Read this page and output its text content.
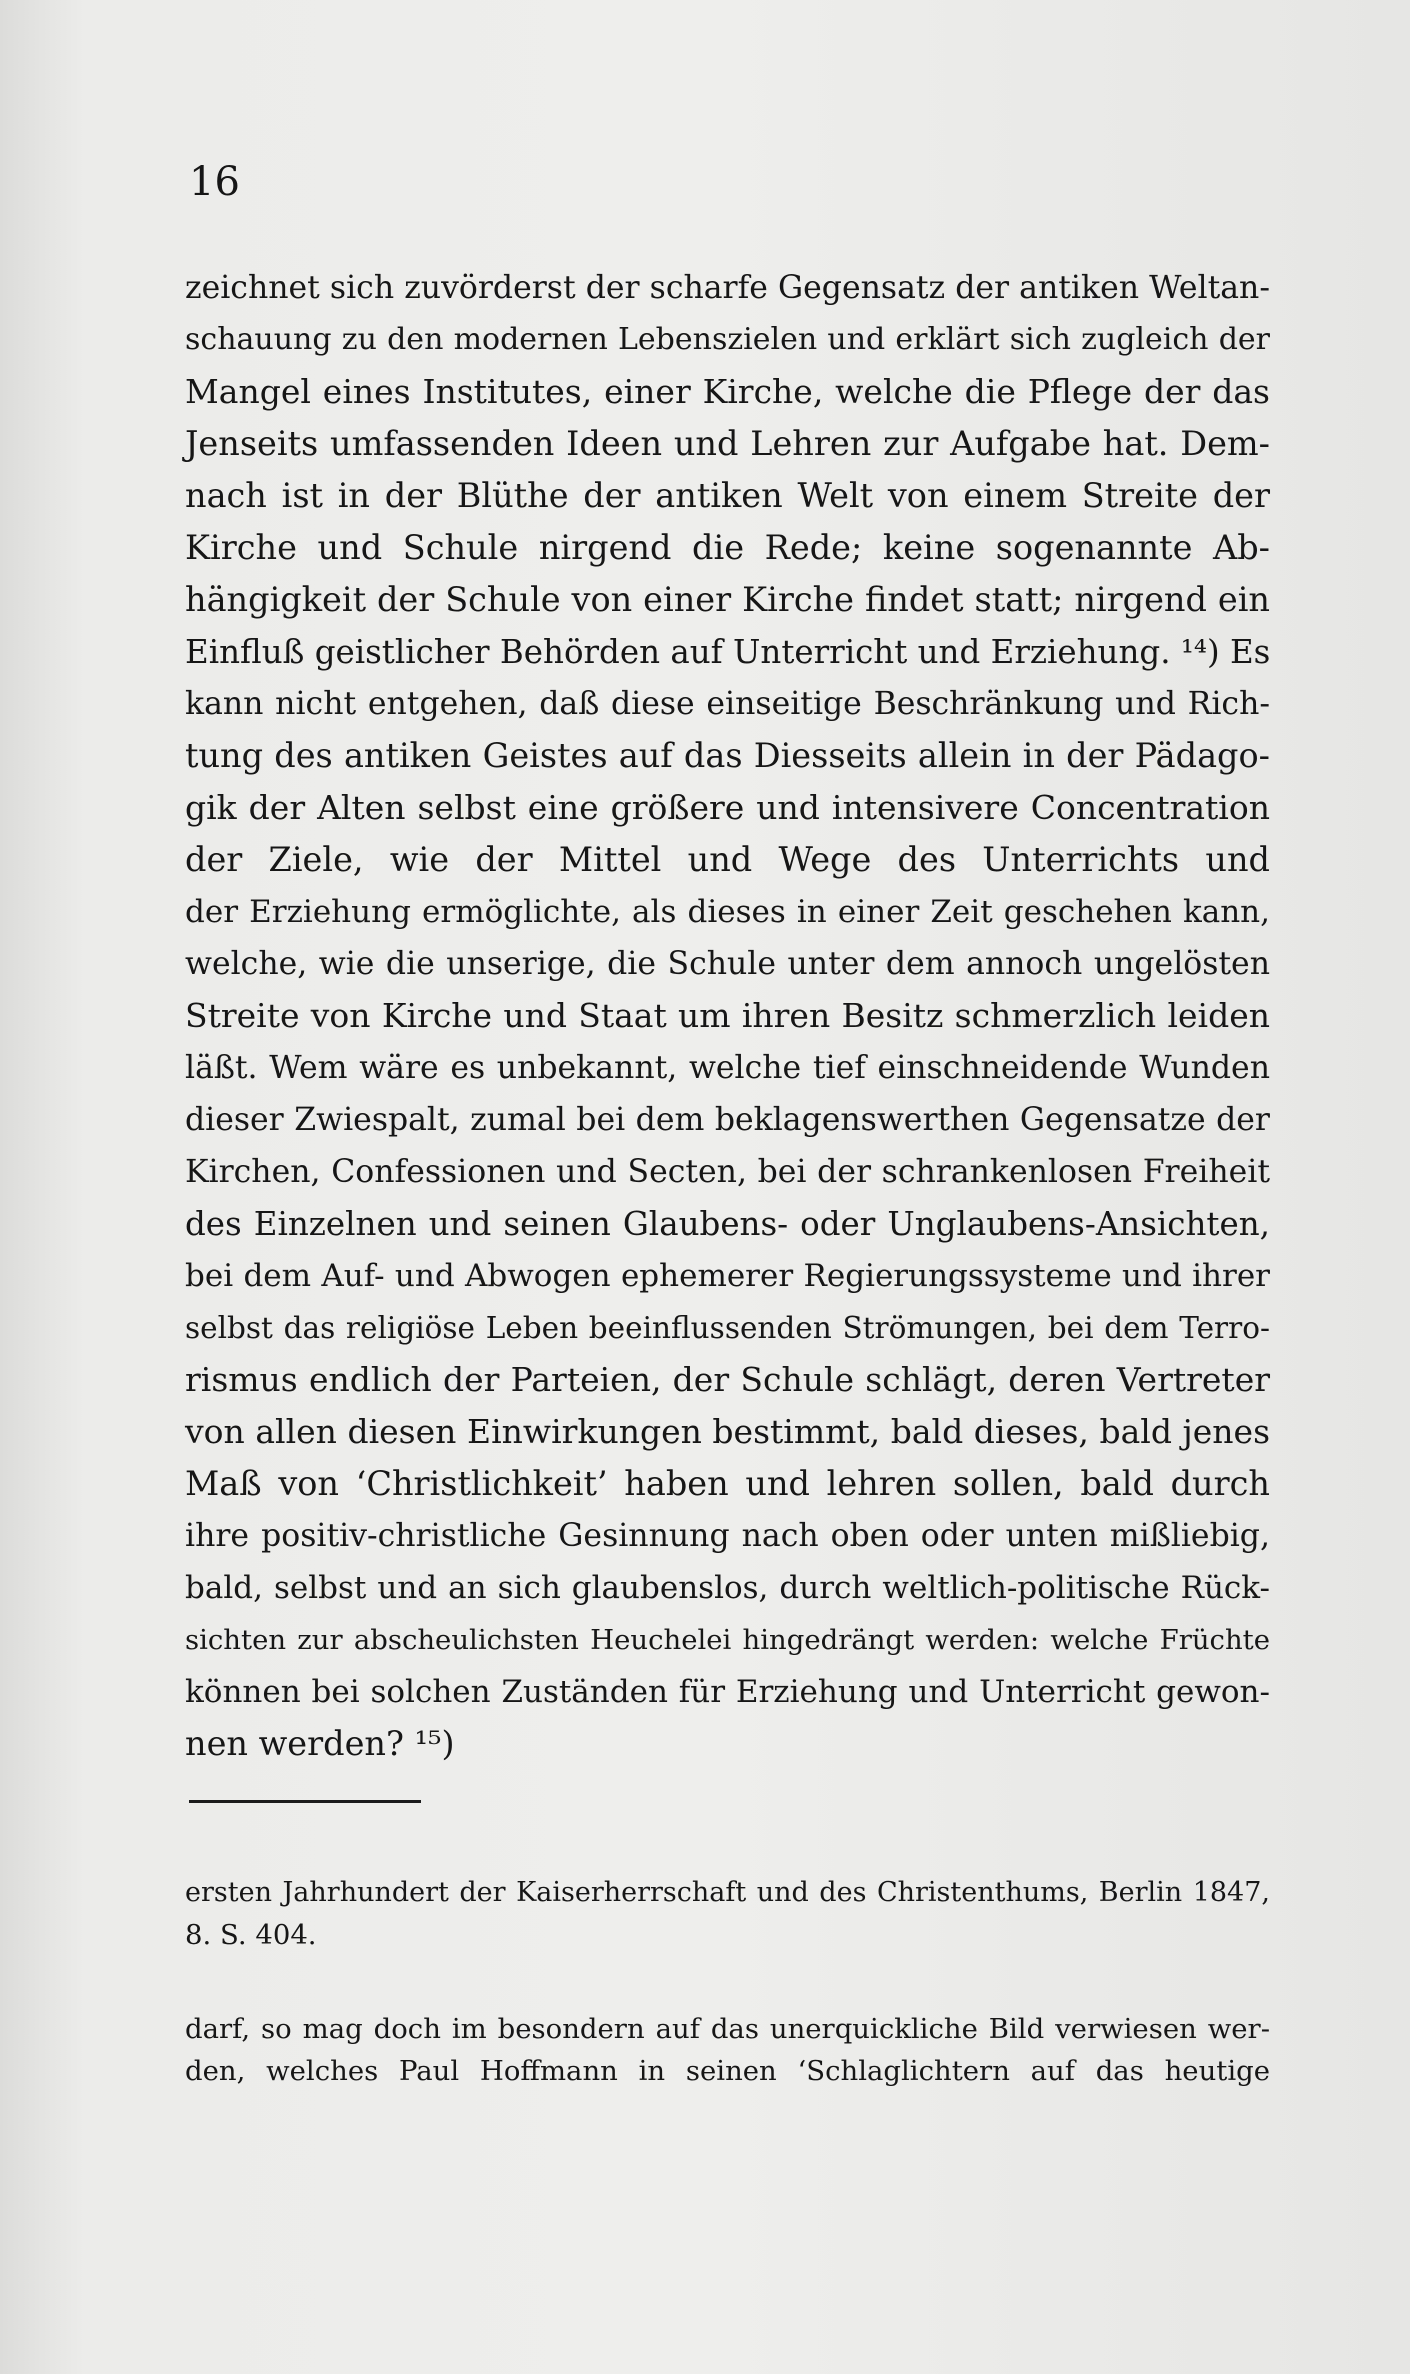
16
zeichnet sich zuvörderst der scharfe Gegensatz der antiken Weltan-
schauung zu den modernen Lebenszielen und erklärt sich zugleich der
Mangel eines Institutes, einer Kirche, welche die Pflege der das
Jenseits umfassenden Ideen und Lehren zur Aufgabe hat. Dem-
nach ist in der Blüthe der antiken Welt von einem Streite der
Kirche und Schule nirgend die Rede; keine sogenannte Ab-
hängigkeit der Schule von einer Kirche findet statt; nirgend ein
Einfluß geistlicher Behörden auf Unterricht und Erziehung. ¹⁴) Es
kann nicht entgehen, daß diese einseitige Beschränkung und Rich-
tung des antiken Geistes auf das Diesseits allein in der Pädago-
gik der Alten selbst eine größere und intensivere Concentration
der Ziele, wie der Mittel und Wege des Unterrichts und
der Erziehung ermöglichte, als dieses in einer Zeit geschehen kann,
welche, wie die unserige, die Schule unter dem annoch ungelösten
Streite von Kirche und Staat um ihren Besitz schmerzlich leiden
läßt. Wem wäre es unbekannt, welche tief einschneidende Wunden
dieser Zwiespalt, zumal bei dem beklagenswerthen Gegensatze der
Kirchen, Confessionen und Secten, bei der schrankenlosen Freiheit
des Einzelnen und seinen Glaubens- oder Unglaubens-Ansichten,
bei dem Auf- und Abwogen ephemerer Regierungssysteme und ihrer
selbst das religiöse Leben beeinflussenden Strömungen, bei dem Terro-
rismus endlich der Parteien, der Schule schlägt, deren Vertreter
von allen diesen Einwirkungen bestimmt, bald dieses, bald jenes
Maß von ‘Christlichkeit’ haben und lehren sollen, bald durch
ihre positiv-christliche Gesinnung nach oben oder unten mißliebig,
bald, selbst und an sich glaubenslos, durch weltlich-politische Rück-
sichten zur abscheulichsten Heuchelei hingedrängt werden: welche Früchte
können bei solchen Zuständen für Erziehung und Unterricht gewon-
nen werden? ¹⁵)
ersten Jahrhundert der Kaiserherrschaft und des Christenthums, Berlin 1847,
8. S. 404.
darf, so mag doch im besondern auf das unerquickliche Bild verwiesen wer-
den, welches Paul Hoffmann in seinen ‘Schlaglichtern auf das heutige
